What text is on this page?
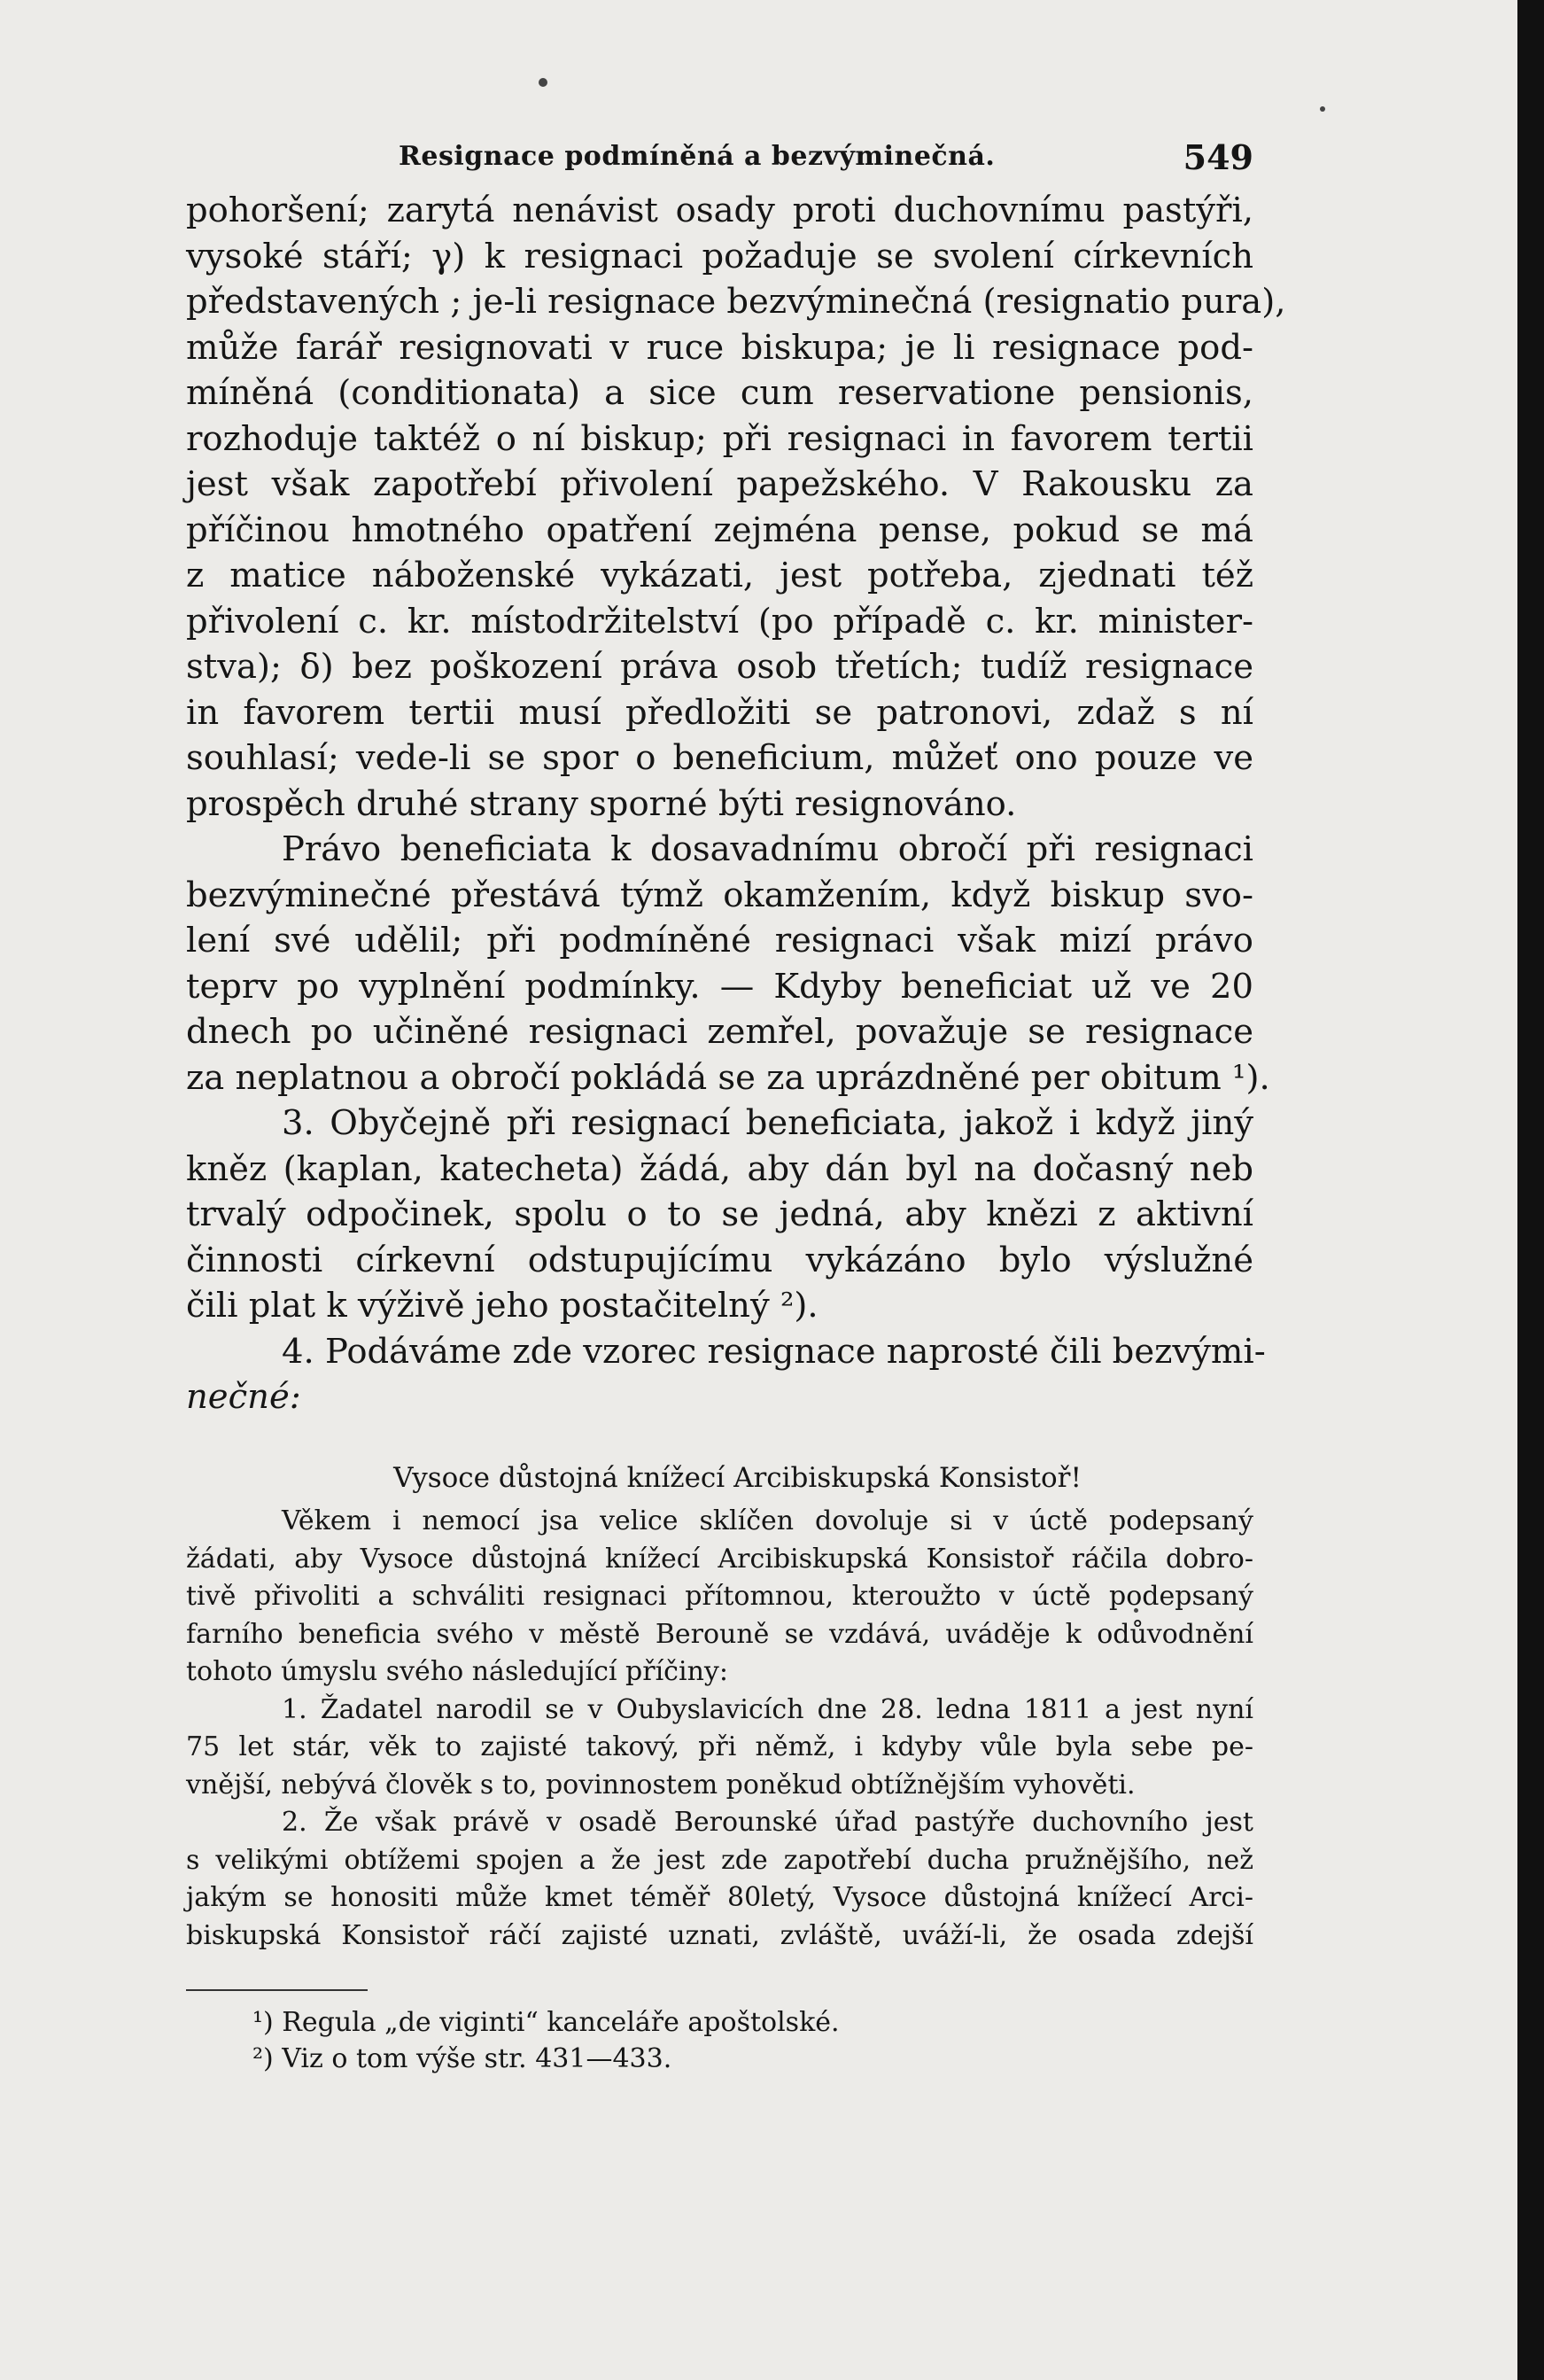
Resignace podmíněná a bezvýminečná.	549
pohoršení; zarytá nenávist osady proti duchovnímu pastýři,
vysoké stáří; γ) k resignaci požaduje se svolení církevních
představených ; je-li resignace bezvýminečná (resignatio pura),
může farář resignovati v ruce biskupa; je li resignace pod-
míněná (conditionata) a sice cum reservatione pensionis,
rozhoduje taktéž o ní biskup; při resignaci in favorem tertii
jest však zapotřebí přivolení papežského. V Rakousku za
příčinou hmotného opatření zejména pense, pokud se má
z matice náboženské vykázati, jest potřeba, zjednati též
přivolení c. kr. místodržitelství (po případě c. kr. minister-
stva); δ) bez poškození práva osob třetích; tudíž resignace
in favorem tertii musí předložiti se patronovi, zdaž s ní
souhlasí; vede-li se spor o beneficium, můžeť ono pouze ve
prospěch druhé strany sporné býti resignováno.
Právo beneficiata k dosavadnímu obročí při resignaci
bezvýminečné přestává týmž okamžením, když biskup svo-
lení své udělil; při podmíněné resignaci však mizí právo
teprv po vyplnění podmínky. — Kdyby beneficiat už ve 20
dnech po učiněné resignaci zemřel, považuje se resignace
za neplatnou a obročí pokládá se za uprázdněné per obitum ¹).
3. Obyčejně při resignací beneficiata, jakož i když jiný
kněz (kaplan, katecheta) žádá, aby dán byl na dočasný neb
trvalý odpočinek, spolu o to se jedná, aby knězi z aktivní
činnosti církevní odstupujícímu vykázáno bylo výslužné
čili plat k výživě jeho postačitelný ²).
4. Podáváme zde vzorec resignace naprosté čili bezvými-
nečné:
Vysoce důstojná knížecí Arcibiskupská Konsistoř!
Věkem i nemocí jsa velice sklíčen dovoluje si v úctě podepsaný
žádati, aby Vysoce důstojná knížecí Arcibiskupská Konsistoř ráčila dobro-
tivě přivoliti a schváliti resignaci přítomnou, kteroužto v úctě podepsaný
farního beneficia svého v městě Berouně se vzdává, uváděje k odůvodnění
tohoto úmyslu svého následující příčiny:
1. Žadatel narodil se v Oubyslavicích dne 28. ledna 1811 a jest nyní
75 let stár, věk to zajisté takový, při němž, i kdyby vůle byla sebe pe-
vnější, nebývá člověk s to, povinnostem poněkud obtížnějším vyhověti.
2. Že však právě v osadě Berounské úřad pastýře duchovního jest
s velikými obtížemi spojen a že jest zde zapotřebí ducha pružnějšího, než
jakým se honositi může kmet téměř 80letý, Vysoce důstojná knížecí Arci-
biskupská Konsistoř ráčí zajisté uznati, zvláště, uváží-li, že osada zdejší
¹) Regula „de viginti“ kanceláře apoštolské.
²) Viz o tom výše str. 431—433.
